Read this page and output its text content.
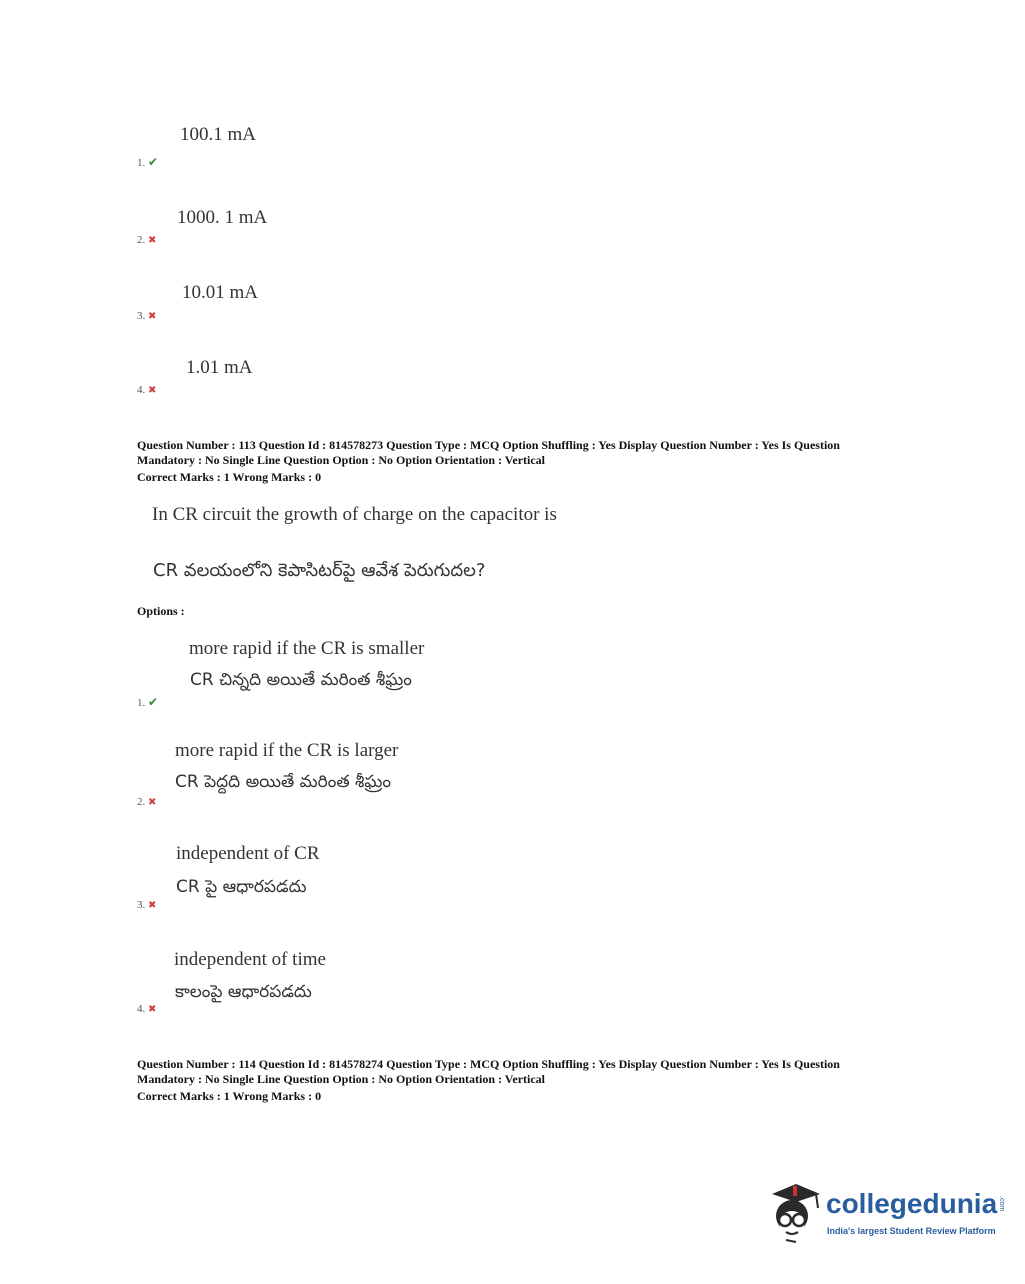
100.1 mA
1. ✔
1000. 1 mA
2. ✖
10.01 mA
3. ✖
1.01 mA
4. ✖
Question Number : 113 Question Id : 814578273 Question Type : MCQ Option Shuffling : Yes Display Question Number : Yes Is Question
Mandatory : No Single Line Question Option : No Option Orientation : Vertical
Correct Marks : 1 Wrong Marks : 0
In CR circuit the growth of charge on the capacitor is
CR వలయంలోని కెపాసిటర్‌పై ఆవేశ పెరుగుదల?
Options :
more rapid if the CR is smaller
CR చిన్నది అయితే మరింత శీఘ్రం
1. ✔
more rapid if the CR is larger
CR పెద్దది అయితే మరింత శీఘ్రం
2. ✖
independent of CR
CR పై ఆధారపడదు
3. ✖
independent of time
కాలంపై ఆధారపడదు
4. ✖
Question Number : 114 Question Id : 814578274 Question Type : MCQ Option Shuffling : Yes Display Question Number : Yes Is Question
Mandatory : No Single Line Question Option : No Option Orientation : Vertical
Correct Marks : 1 Wrong Marks : 0
collegedunia .com
India's largest Student Review Platform
